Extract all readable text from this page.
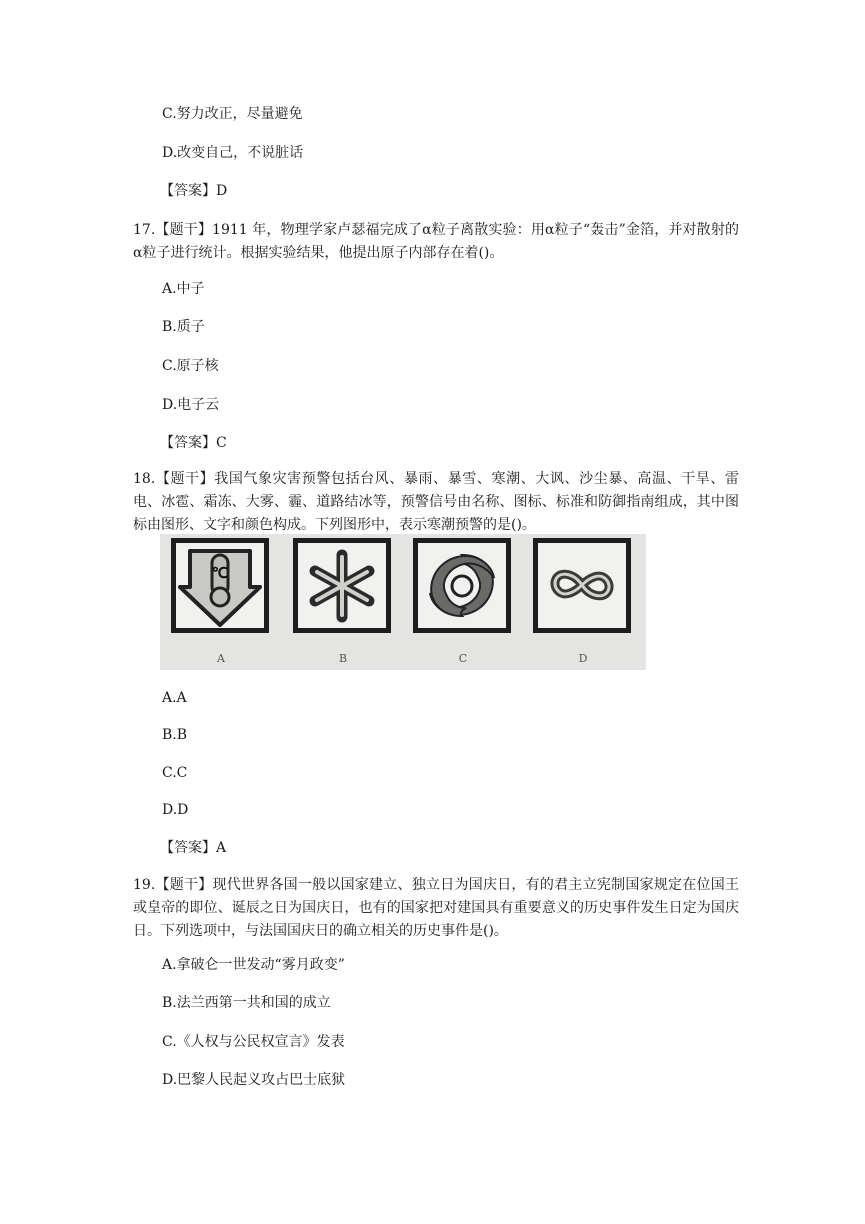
C.努力改正，尽量避免
D.改变自己，不说脏话
【答案】D
17.【题干】1911 年，物理学家卢瑟福完成了α粒子离散实验：用α粒子“轰击”金箔，并对散射的α粒子进行统计。根据实验结果，他提出原子内部存在着()。
A.中子
B.质子
C.原子核
D.电子云
【答案】C
18.【题干】我国气象灾害预警包括台风、暴雨、暴雪、寒潮、大讽、沙尘暴、高温、干旱、雷电、冰雹、霜冻、大雾、霾、道路结冰等，预警信号由名称、图标、标准和防御指南组成，其中图标由图形、文字和颜色构成。下列图形中，表示寒潮预警的是()。
℃
A	B	C	D
A.A
B.B
C.C
D.D
【答案】A
19.【题干】现代世界各国一般以国家建立、独立日为国庆日，有的君主立宪制国家规定在位国王或皇帝的即位、诞辰之日为国庆日，也有的国家把对建国具有重要意义的历史事件发生日定为国庆日。下列选项中，与法国国庆日的确立相关的历史事件是()。
A.拿破仑一世发动“雾月政变”
B.法兰西第一共和国的成立
C.《人权与公民权宣言》发表
D.巴黎人民起义攻占巴士底狱
